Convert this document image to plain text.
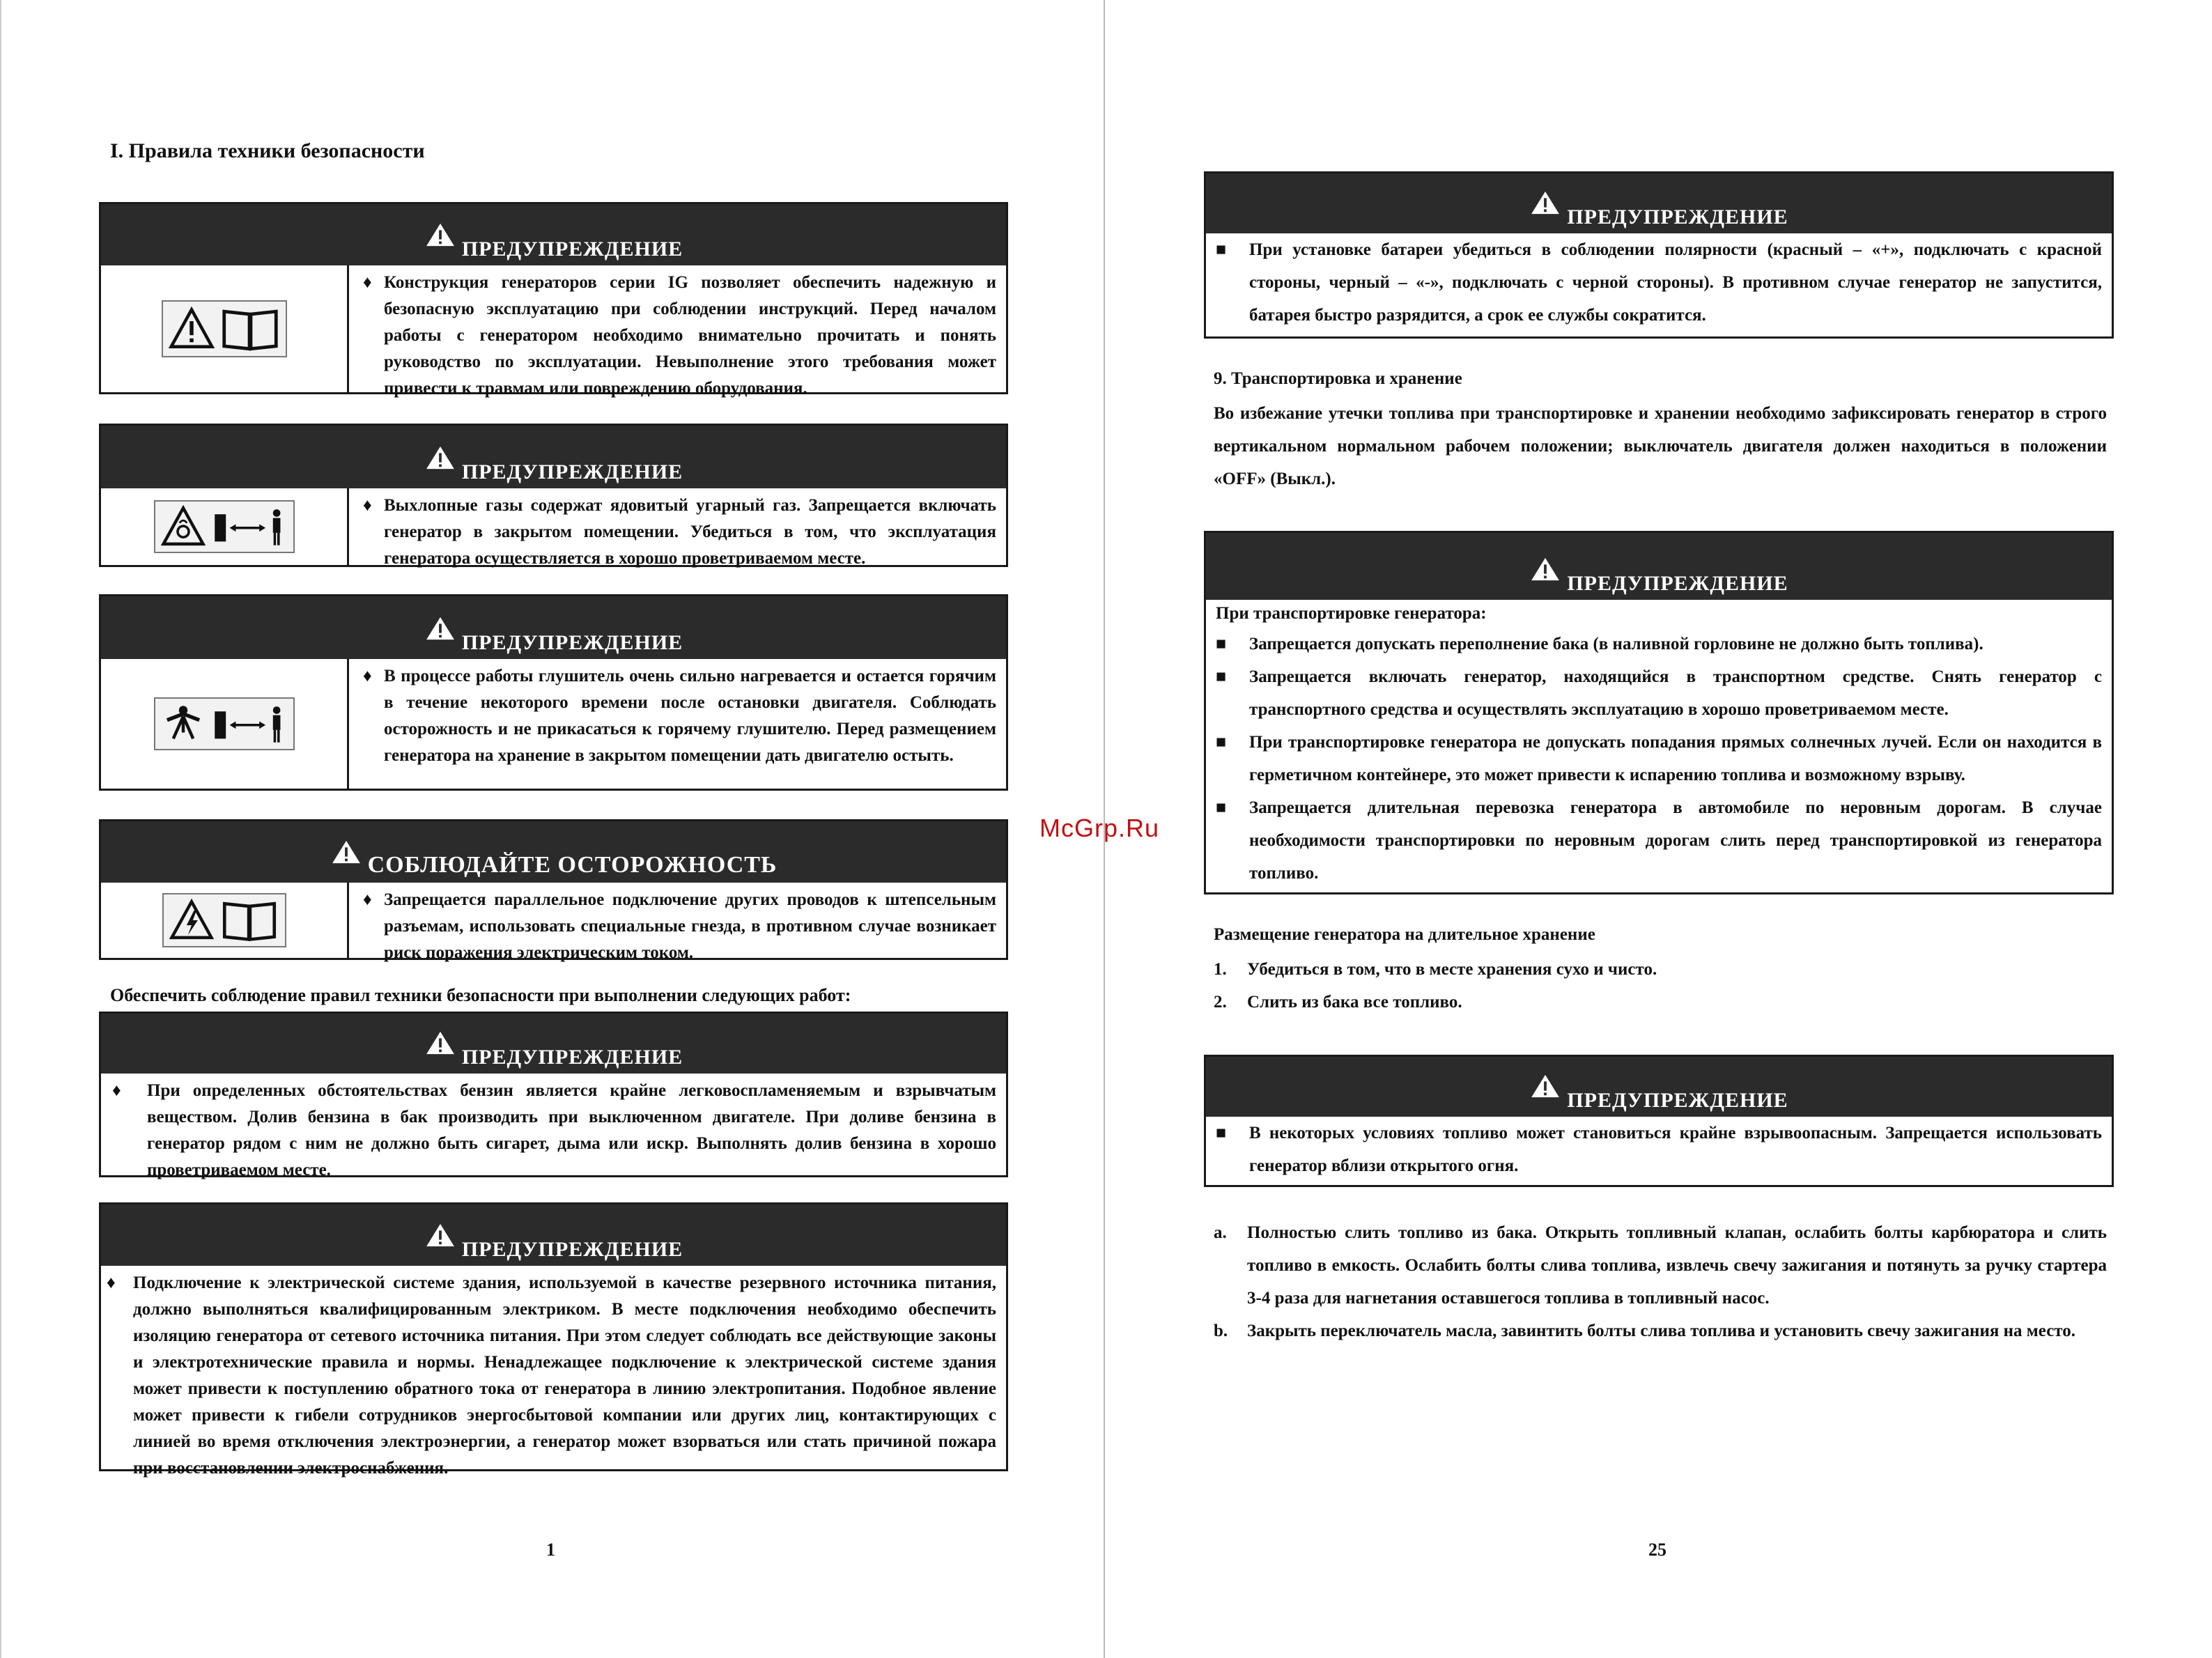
I. Правила техники безопасности
ПРЕДУПРЕЖДЕНИЕ
♦ Конструкция генераторов серии IG позволяет обеспечить надежную и безопасную эксплуатацию при соблюдении инструкций. Перед началом работы с генератором необходимо внимательно прочитать и понять руководство по эксплуатации. Невыполнение этого требования может привести к травмам или повреждению оборудования.
ПРЕДУПРЕЖДЕНИЕ
♦ Выхлопные газы содержат ядовитый угарный газ. Запрещается включать генератор в закрытом помещении. Убедиться в том, что эксплуатация генератора осуществляется в хорошо проветриваемом месте.
ПРЕДУПРЕЖДЕНИЕ
♦ В процессе работы глушитель очень сильно нагревается и остается горячим в течение некоторого времени после остановки двигателя. Соблюдать осторожность и не прикасаться к горячему глушителю. Перед размещением генератора на хранение в закрытом помещении дать двигателю остыть.
СОБЛЮДАЙТЕ ОСТОРОЖНОСТЬ
♦ Запрещается параллельное подключение других проводов к штепсельным разъемам, использовать специальные гнезда, в противном случае возникает риск поражения электрическим током.
Обеспечить соблюдение правил техники безопасности при выполнении следующих работ:
ПРЕДУПРЕЖДЕНИЕ
♦	При определенных обстоятельствах бензин является крайне легковоспламеняемым и взрывчатым веществом. Долив бензина в бак производить при выключенном двигателе. При доливе бензина в генератор рядом с ним не должно быть сигарет, дыма или искр. Выполнять долив бензина в хорошо проветриваемом месте.
ПРЕДУПРЕЖДЕНИЕ
♦	Подключение к электрической системе здания, используемой в качестве резервного источника питания, должно выполняться квалифицированным электриком. В месте подключения необходимо обеспечить изоляцию генератора от сетевого источника питания. При этом следует соблюдать все действующие законы и электротехнические правила и нормы. Ненадлежащее подключение к электрической системе здания может привести к поступлению обратного тока от генератора в линию электропитания. Подобное явление может привести к гибели сотрудников энергосбытовой компании или других лиц, контактирующих с линией во время отключения электроэнергии, а генератор может взорваться или стать причиной пожара при восстановлении электроснабжения.
1
McGrp.Ru
ПРЕДУПРЕЖДЕНИЕ
■	При установке батареи убедиться в соблюдении полярности (красный – «+», подключать с красной стороны, черный – «-», подключать с черной стороны). В противном случае генератор не запустится, батарея быстро разрядится, а срок ее службы сократится.
9. Транспортировка и хранение
Во избежание утечки топлива при транспортировке и хранении необходимо зафиксировать генератор в строго вертикальном нормальном рабочем положении; выключатель двигателя должен находиться в положении «OFF» (Выкл.).
ПРЕДУПРЕЖДЕНИЕ
При транспортировке генератора:
■	Запрещается допускать переполнение бака (в наливной горловине не должно быть топлива).
■	Запрещается включать генератор, находящийся в транспортном средстве. Снять генератор с транспортного средства и осуществлять эксплуатацию в хорошо проветриваемом месте.
■	При транспортировке генератора не допускать попадания прямых солнечных лучей. Если он находится в герметичном контейнере, это может привести к испарению топлива и возможному взрыву.
■	Запрещается длительная перевозка генератора в автомобиле по неровным дорогам. В случае необходимости транспортировки по неровным дорогам слить перед транспортировкой из генератора топливо.
Размещение генератора на длительное хранение
1.	Убедиться в том, что в месте хранения сухо и чисто.
2.	Слить из бака все топливо.
ПРЕДУПРЕЖДЕНИЕ
■	В некоторых условиях топливо может становиться крайне взрывоопасным. Запрещается использовать генератор вблизи открытого огня.
a.	Полностью слить топливо из бака. Открыть топливный клапан, ослабить болты карбюратора и слить топливо в емкость. Ослабить болты слива топлива, извлечь свечу зажигания и потянуть за ручку стартера 3-4 раза для нагнетания оставшегося топлива в топливный насос.
b.	Закрыть переключатель масла, завинтить болты слива топлива и установить свечу зажигания на место.
25
